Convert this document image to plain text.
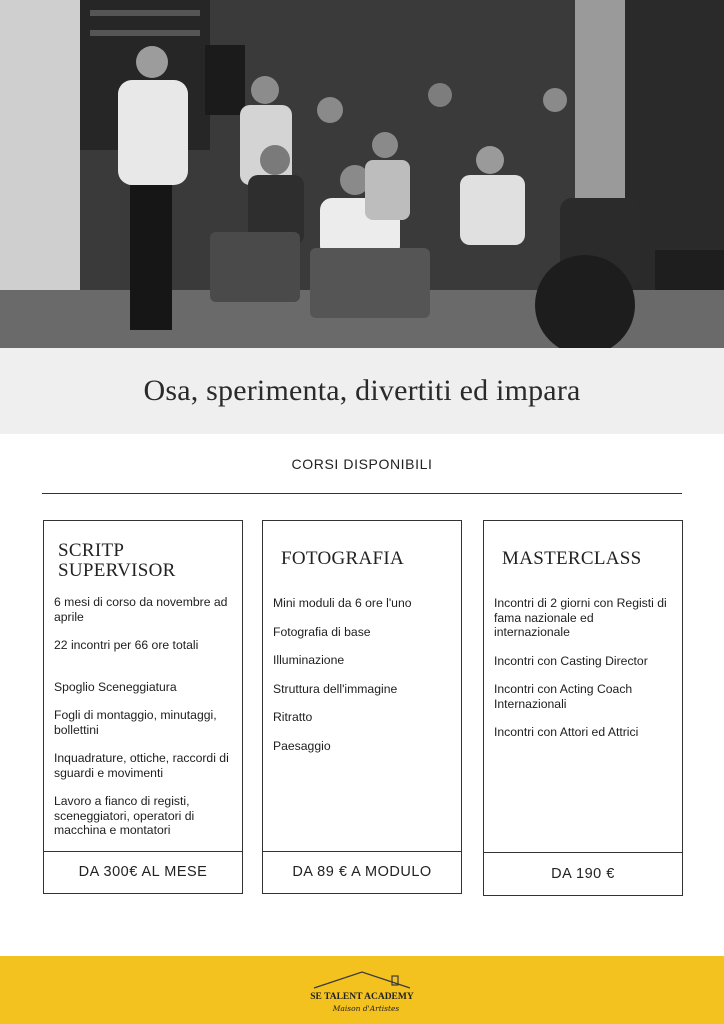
Osa, sperimenta, divertiti ed impara
CORSI DISPONIBILI
SCRITP
SUPERVISOR
6 mesi di corso da novembre ad aprile
22 incontri per 66 ore totali
Spoglio Sceneggiatura
Fogli di montaggio, minutaggi, bollettini
Inquadrature, ottiche, raccordi di sguardi e movimenti
Lavoro a fianco di registi, sceneggiatori, operatori di macchina e montatori
DA 300€ AL MESE
FOTOGRAFIA
Mini moduli da 6 ore l'uno
Fotografia di base
Illuminazione
Struttura dell'immagine
Ritratto
Paesaggio
DA 89 € A MODULO
MASTERCLASS
Incontri di 2 giorni con Registi di fama nazionale ed internazionale
Incontri con Casting Director
Incontri con Acting Coach Internazionali
Incontri con Attori ed Attrici
DA 190 €
SE TALENT ACADEMY
Maison d'Artistes
